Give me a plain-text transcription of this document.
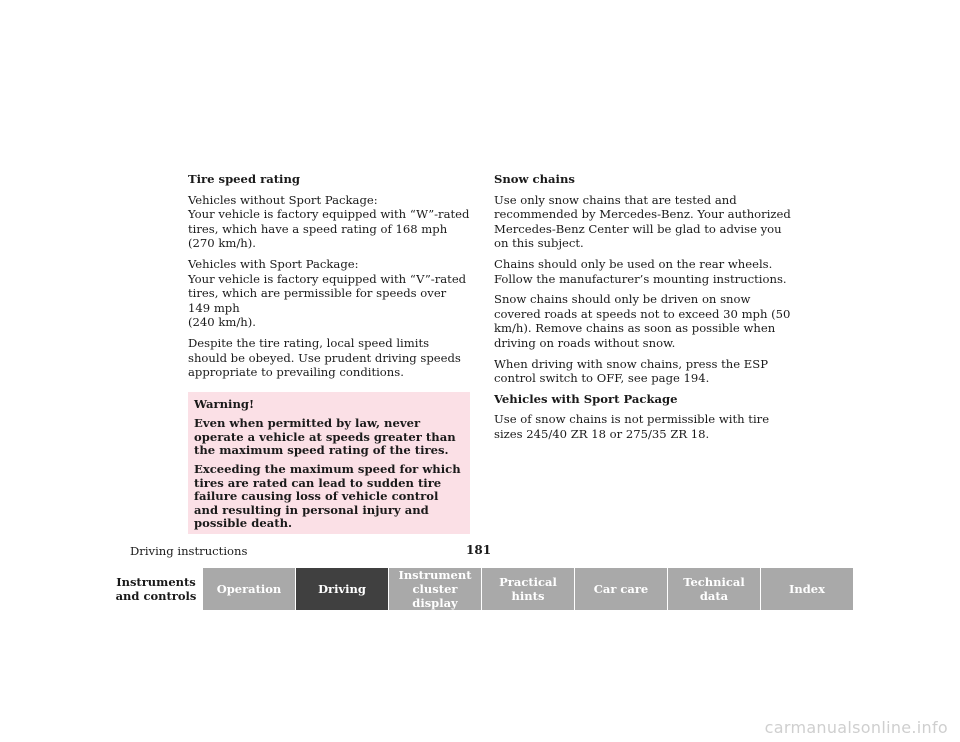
Tire speed rating

Vehicles without Sport Package:
Your vehicle is factory equipped with “W”-rated tires, which have a speed rating of 168 mph (270 km/h).

Vehicles with Sport Package:
Your vehicle is factory equipped with “V”-rated tires, which are permissible for speeds over 149 mph
(240 km/h).

Despite the tire rating, local speed limits should be obeyed. Use prudent driving speeds appropriate to prevailing conditions.

Warning!

Even when permitted by law, never operate a vehicle at speeds greater than the maximum speed rating of the tires.

Exceeding the maximum speed for which tires are rated can lead to sudden tire failure causing loss of vehicle control and resulting in personal injury and possible death.

Snow chains

Use only snow chains that are tested and recommended by Mercedes-Benz. Your authorized Mercedes-Benz Center will be glad to advise you on this subject.

Chains should only be used on the rear wheels. Follow the manufacturer’s mounting instructions.

Snow chains should only be driven on snow covered roads at speeds not to exceed 30 mph (50 km/h). Remove chains as soon as possible when driving on roads without snow.

When driving with snow chains, press the ESP control switch to OFF, see page 194.

Vehicles with Sport Package

Use of snow chains is not permissible with tire sizes 245/40 ZR 18 or 275/35 ZR 18.

Driving instructions	181
Instruments
and controls Operation	Driving
Instrument
cluster display
Practical hints	Car care	Technical
data	Index
carmanualsonline.info
